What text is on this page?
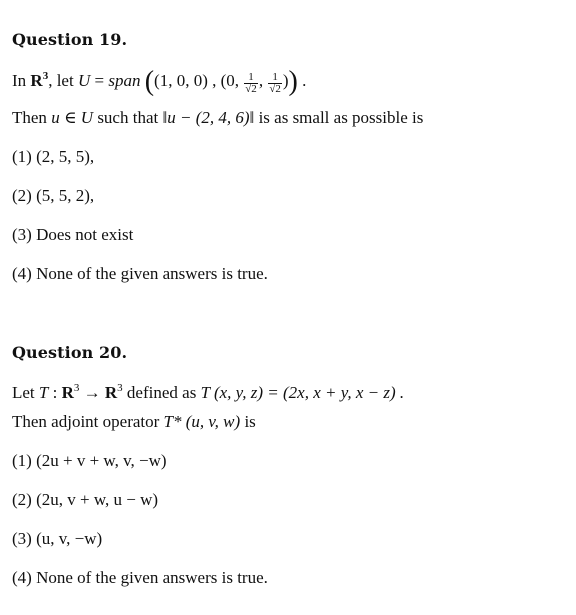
Question 19.
In $R^3$, let U = span ((1, 0, 0) , (0, $\frac{1}{√2}$ , $\frac{1}{√2}$ )) .
Then u ∈ U such that ‖u − (2, 4, 6)‖ is as small as possible is
(1) (2, 5, 5),
(2) (5, 5, 2),
(3) Does not exist
(4) None of the given answers is true.
Question 20.
Let T : $R^3 \to R^3$ defined as T (x, y, z) = (2x, x + y, x − z) .
Then adjoint operator T* (u, v, w) is
(1) (2u + v + w, v, −w)
(2) (2u, v + w, u − w)
(3) (u, v, −w)
(4) None of the given answers is true.
